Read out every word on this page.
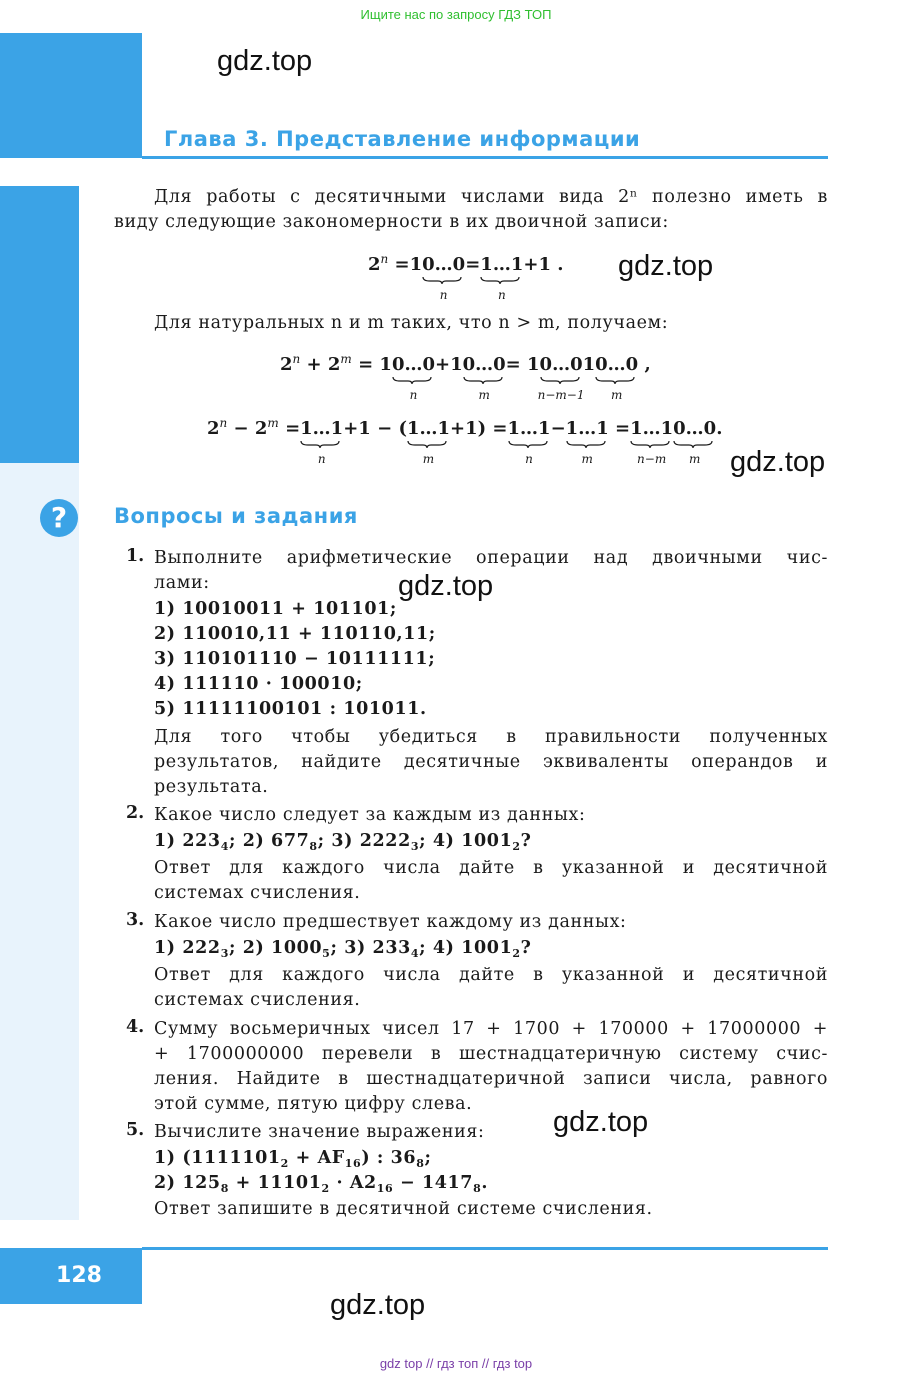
Ищите нас по запросу ГДЗ ТОП
gdz.top
Глава 3. Представление информации
Для работы с десятичными числами вида 2ⁿ полезно иметь в
виду следующие закономерности в их двоичной записи:
$2^n$ =10…0
n
=1…1
n
+1 . gdz.top
Для натуральных n и m таких, что n > m, получаем:
$2^n + 2^m$ = 10…0
n
+10…0
m
= 10…0
n−m−1
10…0
m
,
$2^n - 2^m$ =1…1
n
+1 − (1…1
m
+1) =1…1
n
−1…1
m
=1…1
n−m
0…0
m
.
gdz.top
?	Вопросы и задания
1. Выполните арифметические операции над двоичными чис-
лами:	gdz.top
1) 10010011 + 101101;
2) 110010,11 + 110110,11;
3) 110101110 − 10111111;
4) 111110 · 100010;
5) 11111100101 : 101011.
Для того чтобы убедиться в правильности полученных
результатов, найдите десятичные эквиваленты операндов и
результата.
2. Какое число следует за каждым из данных:
1) $223_4$; 2) $677_8$; 3) $2222_3$; 4) $1001_2$?
Ответ для каждого числа дайте в указанной и десятичной
системах счисления.
3. Какое число предшествует каждому из данных:
1) $222_3$; 2) $1000_5$; 3) $233_4$; 4) $1001_2$?
Ответ для каждого числа дайте в указанной и десятичной
системах счисления.
4. Сумму восьмеричных чисел 17 + 1700 + 170000 + 17000000 +
+ 1700000000 перевели в шестнадцатеричную систему счис-
ления. Найдите в шестнадцатеричной записи числа, равного
этой сумме, пятую цифру слева.
5. Вычислите значение выражения: gdz.top
1) $(1111101_2 + AF_{16})$ : $36_8$;
2) $125_8 + 11101_2 \cdot A2_{16} - 1417_8$.
Ответ запишите в десятичной системе счисления.
128
gdz.top
gdz top // гдз топ // гдз top
